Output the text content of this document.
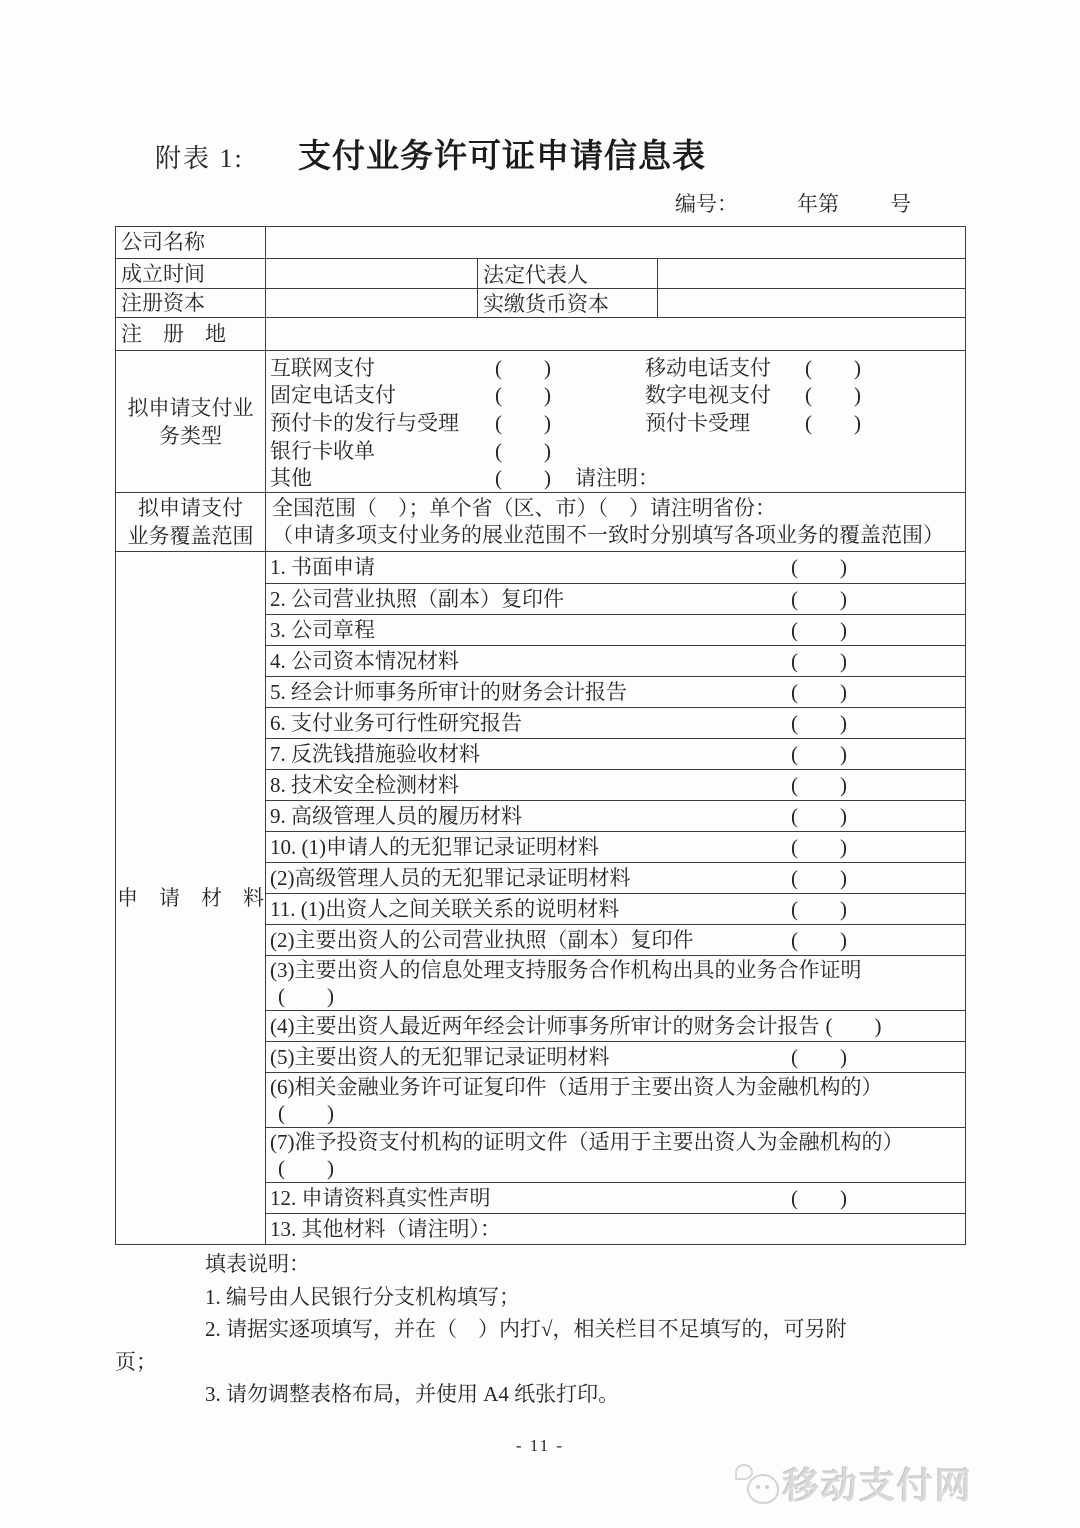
附表 1: 支付业务许可证申请信息表
编号：	年第 号
公司名称
成立时间	法定代表人
注册资本	实缴货币资本
注　册　地
拟申请支付业
务类型
互联网支付	(　　)	移动电话支付	(　　)
固定电话支付	(　　)	数字电视支付	(　　)
预付卡的发行与受理	(　　)	预付卡受理	(　　)
银行卡收单	(　　)
其他	(　　)	请注明：
拟申请支付
业务覆盖范围
全国范围（　）；单个省（区、市）（　）请注明省份：
（申请多项支付业务的展业范围不一致时分别填写各项业务的覆盖范围）
申　请　材　料
1. 书面申请	(　　)
2. 公司营业执照（副本）复印件	(　　)
3. 公司章程	(　　)
4. 公司资本情况材料	(　　)
5. 经会计师事务所审计的财务会计报告	(　　)
6. 支付业务可行性研究报告	(　　)
7. 反洗钱措施验收材料	(　　)
8. 技术安全检测材料	(　　)
9. 高级管理人员的履历材料	(　　)
10. (1)申请人的无犯罪记录证明材料	(　　)
(2)高级管理人员的无犯罪记录证明材料	(　　)
11. (1)出资人之间关联关系的说明材料	(　　)
(2)主要出资人的公司营业执照（副本）复印件	(　　)
(3)主要出资人的信息处理支持服务合作机构出具的业务合作证明
(　　)
(4)主要出资人最近两年经会计师事务所审计的财务会计报告 (　　)
(5)主要出资人的无犯罪记录证明材料	(　　)
(6)相关金融业务许可证复印件（适用于主要出资人为金融机构的）
(　　)
(7)准予投资支付机构的证明文件（适用于主要出资人为金融机构的）
(　　)
12. 申请资料真实性声明	(　　)
13. 其他材料（请注明）：
填表说明：
1. 编号由人民银行分支机构填写；
2. 请据实逐项填写，并在（　）内打√，相关栏目不足填写的，可另附
页；
3. 请勿调整表格布局，并使用 A4 纸张打印。
- 11 -
移动支付网
